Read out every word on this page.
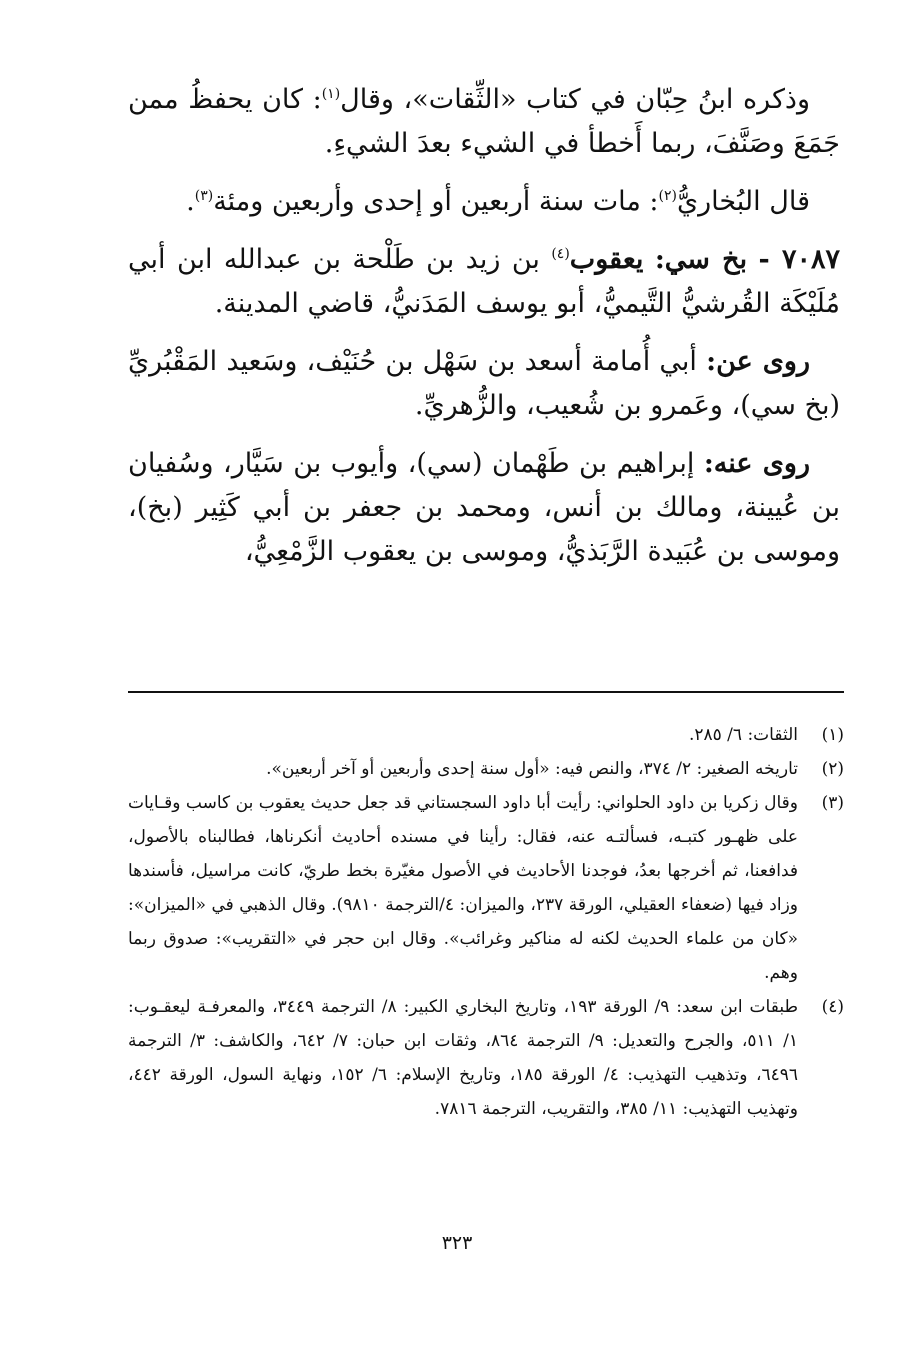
وذكره ابنُ حِبّان في كتاب «الثِّقات»، وقال$^{(١)}$: كان يحفظُ ممن جَمَعَ وصَنَّفَ، ربما أَخطأ في الشيء بعدَ الشيءِ.

قال البُخاريُّ$^{(٢)}$: مات سنة أربعين أو إحدى وأربعين ومئة$^{(٣)}$.

٧٠٨٧ - بخ سي: يعقوب$^{(٤)}$ بن زيد بن طَلْحة بن عبدالله ابن أبي مُلَيْكَة القُرشيُّ التَّيميُّ، أبو يوسف المَدَنيُّ، قاضي المدينة.

روى عن: أبي أُمامة أسعد بن سَهْل بن حُنَيْف، وسَعيد المَقْبُريِّ (بخ سي)، وعَمرو بن شُعيب، والزُّهريِّ.

روى عنه: إبراهيم بن طَهْمان (سي)، وأيوب بن سَيَّار، وسُفيان بن عُيينة، ومالك بن أنس، ومحمد بن جعفر بن أبي كَثِير (بخ)، وموسى بن عُبَيدة الرَّبَذيُّ، وموسى بن يعقوب الزَّمْعِيُّ،

(١)
الثقات: ٦/ ٢٨٥.
(٢)
تاريخه الصغير: ٢/ ٣٧٤، والنص فيه: «أول سنة إحدى وأربعين أو آخر أربعين».
(٣)
وقال زكريا بن داود الحلواني: رأيت أبا داود السجستاني قد جعل حديث يعقوب بن كاسب وقـايات على ظهـور كتبـه، فسألتـه عنه، فقال: رأينا في مسنده أحاديث أنكرناها، فطالبناه بالأصول، فدافعنا، ثم أخرجها بعدُ، فوجدنا الأحاديث في الأصول مغيّرة بخط طريّ، كانت مراسيل، فأسندها وزاد فيها (ضعفاء العقيلي، الورقة ٢٣٧، والميزان: ٤/الترجمة ٩٨١٠). وقال الذهبي في «الميزان»: «كان من علماء الحديث لكنه له مناكير وغرائب». وقال ابن حجر في «التقريب»: صدوق ربما وهم.
(٤)
طبقات ابن سعد: ٩/ الورقة ١٩٣، وتاريخ البخاري الكبير: ٨/ الترجمة ٣٤٤٩، والمعرفـة ليعقـوب: ١/ ٥١١، والجرح والتعديل: ٩/ الترجمة ٨٦٤، وثقات ابن حبان: ٧/ ٦٤٢، والكاشف: ٣/ الترجمة ٦٤٩٦، وتذهيب التهذيب: ٤/ الورقة ١٨٥، وتاريخ الإسلام: ٦/ ١٥٢، ونهاية السول، الورقة ٤٤٢، وتهذيب التهذيب: ١١/ ٣٨٥، والتقريب، الترجمة ٧٨١٦.
٣٢٣
